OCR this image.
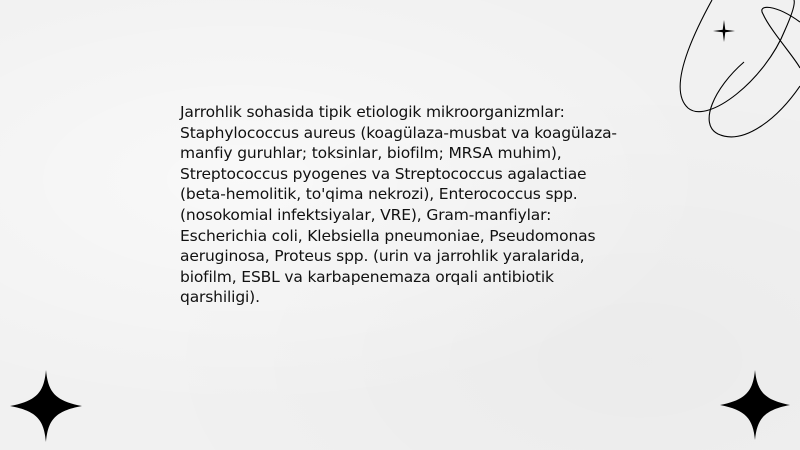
Jarrohlik sohasida tipik etiologik mikroorganizmlar: Staphylococcus aureus (koagülaza-musbat va koagülaza-manfiy guruhlar; toksinlar, biofilm; MRSA muhim), Streptococcus pyogenes va Streptococcus agalactiae (beta-hemolitik, to'qima nekrozi), Enterococcus spp. (nosokomial infektsiyalar, VRE), Gram-manfiylar: Escherichia coli, Klebsiella pneumoniae, Pseudomonas aeruginosa, Proteus spp. (urin va jarrohlik yaralarida, biofilm, ESBL va karbapenemaza orqali antibiotik qarshiligi).
